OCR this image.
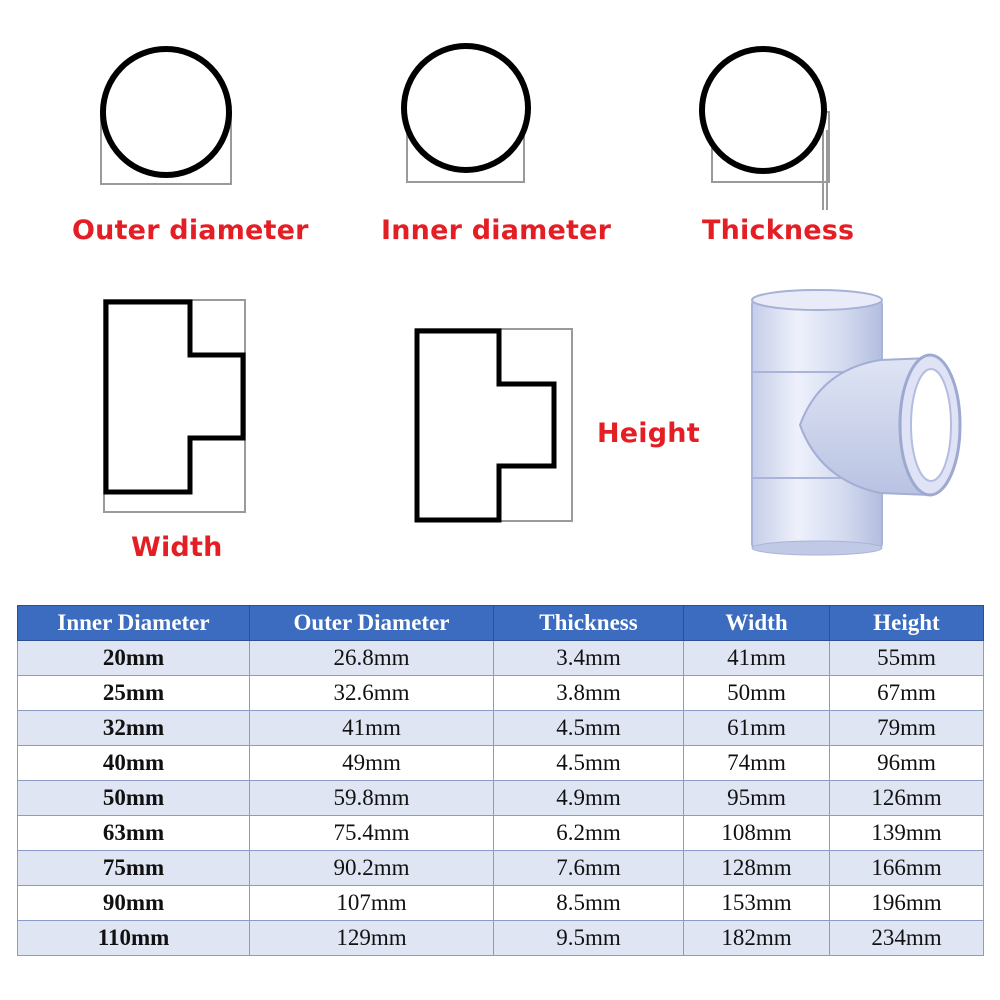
Outer diameter	Inner diameter	Thickness
Height
Width
Inner Diameter	Outer Diameter	Thickness	Width	Height
20mm	26.8mm	3.4mm	41mm	55mm
25mm	32.6mm	3.8mm	50mm	67mm
32mm	41mm	4.5mm	61mm	79mm
40mm	49mm	4.5mm	74mm	96mm
50mm	59.8mm	4.9mm	95mm	126mm
63mm	75.4mm	6.2mm	108mm	139mm
75mm	90.2mm	7.6mm	128mm	166mm
90mm	107mm	8.5mm	153mm	196mm
110mm	129mm	9.5mm	182mm	234mm
